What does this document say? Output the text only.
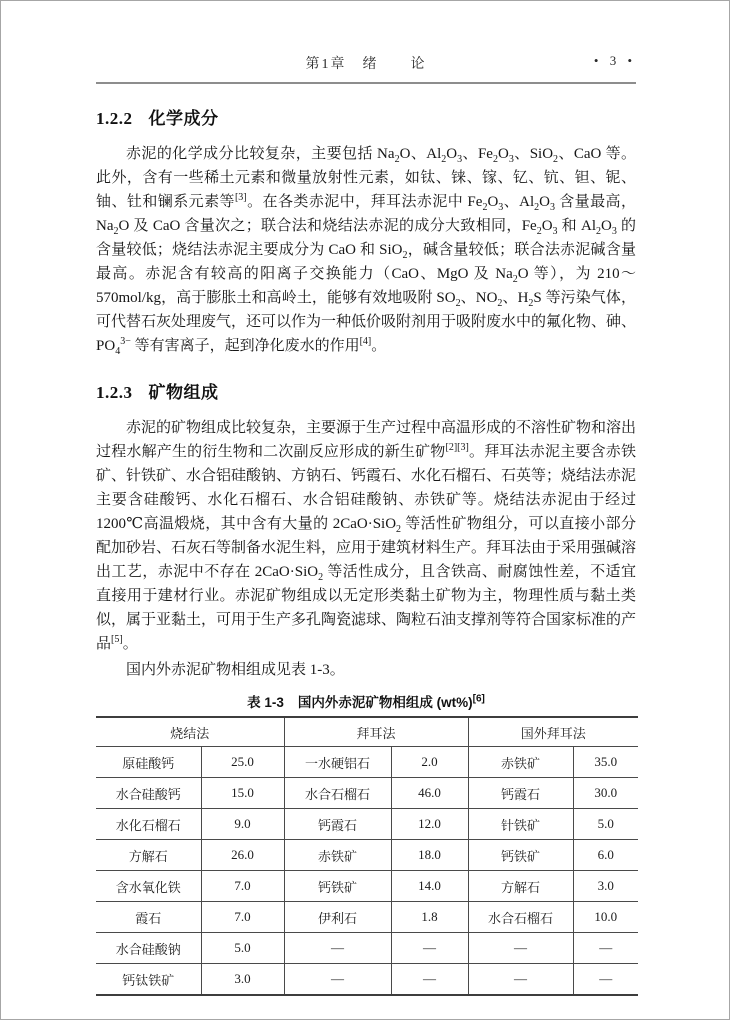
第1章　绪　　论	• 3 •
1.2.2 化学成分

赤泥的化学成分比较复杂，主要包括 $Na_2O$、$Al_2O_3$、$Fe_2O_3$、SiO$_2$、CaO 等。此外，含有一些稀土元素和微量放射性元素，如钛、铼、镓、钇、钪、钽、铌、铀、钍和镧系元素等[3]。在各类赤泥中，拜耳法赤泥中 $Fe_2O_3$、$Al_2O_3$ 含量最高，$Na_2O$ 及 CaO 含量次之；联合法和烧结法赤泥的成分大致相同，$Fe_2O_3$ 和 $Al_2O_3$ 的含量较低；烧结法赤泥主要成分为 CaO 和 SiO$_2$，碱含量较低；联合法赤泥碱含量最高。赤泥含有较高的阳离子交换能力（CaO、MgO 及 $Na_2O$ 等），为 210～570mol/kg，高于膨胀土和高岭土，能够有效地吸附 $SO_2$、$NO_2$、$H_2S$ 等污染气体，可代替石灰处理废气，还可以作为一种低价吸附剂用于吸附废水中的氟化物、砷、$PO_4^{3-}$ 等有害离子，起到净化废水的作用[4]。

1.2.3 矿物组成

赤泥的矿物组成比较复杂，主要源于生产过程中高温形成的不溶性矿物和溶出过程水解产生的衍生物和二次副反应形成的新生矿物[2][3]。拜耳法赤泥主要含赤铁矿、针铁矿、水合铝硅酸钠、方钠石、钙霞石、水化石榴石、石英等；烧结法赤泥主要含硅酸钙、水化石榴石、水合铝硅酸钠、赤铁矿等。烧结法赤泥由于经过 1200℃高温煅烧，其中含有大量的 2CaO·SiO$_2$ 等活性矿物组分，可以直接小部分配加砂岩、石灰石等制备水泥生料，应用于建筑材料生产。拜耳法由于采用强碱溶出工艺，赤泥中不存在 2CaO·SiO$_2$ 等活性成分，且含铁高、耐腐蚀性差，不适宜直接用于建材行业。赤泥矿物组成以无定形类黏土矿物为主，物理性质与黏土类似，属于亚黏土，可用于生产多孔陶瓷滤球、陶粒石油支撑剂等符合国家标准的产品[5]。

国内外赤泥矿物相组成见表 1-3。

表 1-3 国内外赤泥矿物相组成 (wt%)[6]
烧结法		拜耳法		国外拜耳法	
原硅酸钙	25.0	一水硬铝石	2.0	赤铁矿	35.0
水合硅酸钙	15.0	水合石榴石	46.0	钙霞石	30.0
水化石榴石	9.0	钙霞石	12.0	针铁矿	5.0
方解石	26.0	赤铁矿	18.0	钙铁矿	6.0
含水氧化铁	7.0	钙铁矿	14.0	方解石	3.0
霞石	7.0	伊利石	1.8	水合石榴石	10.0
水合硅酸钠	5.0	—	—	—	—
钙钛铁矿	3.0	—	—	—	—
